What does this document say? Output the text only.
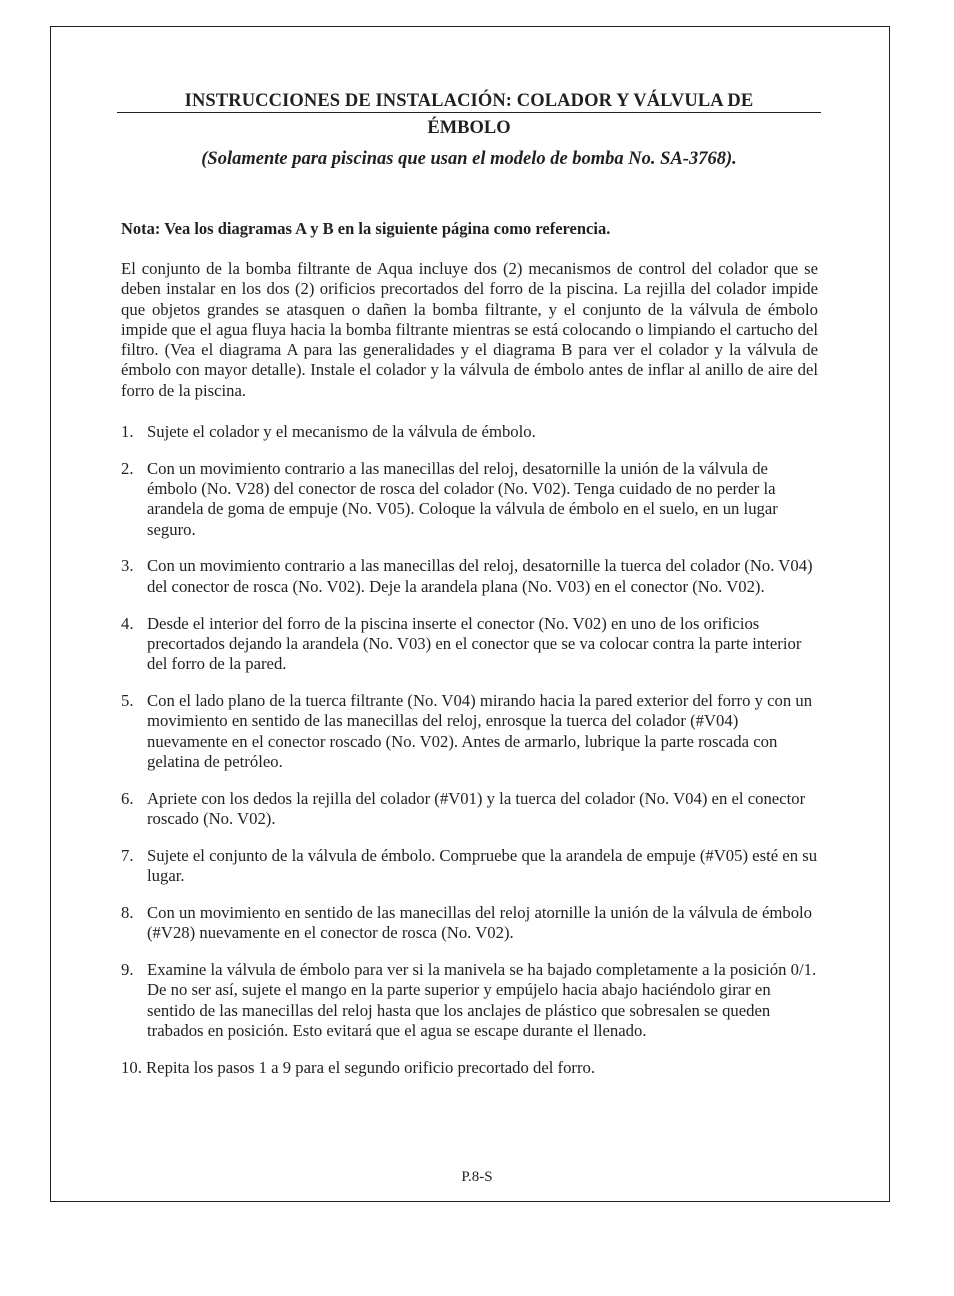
INSTRUCCIONES DE INSTALACIÓN: COLADOR Y VÁLVULA DE
ÉMBOLO
(Solamente para piscinas que usan el modelo de bomba No. SA-3768).
Nota: Vea los diagramas A y B en la siguiente página como referencia.
El conjunto de la bomba filtrante de Aqua incluye dos (2) mecanismos de control del colador que se deben instalar en los dos (2) orificios precortados del forro de la piscina. La rejilla del colador impide que objetos grandes se atasquen o dañen la bomba filtrante, y el conjunto de la válvula de émbolo impide que el agua fluya hacia la bomba filtrante mientras se está colocando o limpiando el cartucho del filtro. (Vea el diagrama A para las generalidades y el diagrama B para ver el colador y la válvula de émbolo con mayor detalle). Instale el colador y la válvula de émbolo antes de inflar al anillo de aire del forro de la piscina.
1. Sujete el colador y el mecanismo de la válvula de émbolo.
2. Con un movimiento contrario a las manecillas del reloj, desatornille la unión de la válvula de émbolo (No. V28) del conector de rosca del colador (No. V02). Tenga cuidado de no perder la arandela de goma de empuje (No. V05). Coloque la válvula de émbolo en el suelo, en un lugar seguro.
3. Con un movimiento contrario a las manecillas del reloj, desatornille la tuerca del colador (No. V04) del conector de rosca (No. V02). Deje la arandela plana (No. V03) en el conector (No. V02).
4. Desde el interior del forro de la piscina inserte el conector (No. V02) en uno de los orificios precortados dejando la arandela (No. V03) en el conector que se va colocar contra la parte interior del forro de la pared.
5. Con el lado plano de la tuerca filtrante (No. V04) mirando hacia la pared exterior del forro y con un movimiento en sentido de las manecillas del reloj, enrosque la tuerca del colador (#V04) nuevamente en el conector roscado (No. V02). Antes de armarlo, lubrique la parte roscada con gelatina de petróleo.
6. Apriete con los dedos la rejilla del colador (#V01) y la tuerca del colador (No. V04) en el conector roscado (No. V02).
7. Sujete el conjunto de la válvula de émbolo. Compruebe que la arandela de empuje (#V05) esté en su lugar.
8. Con un movimiento en sentido de las manecillas del reloj atornille la unión de la válvula de émbolo (#V28) nuevamente en el conector de rosca (No. V02).
9. Examine la válvula de émbolo para ver si la manivela se ha bajado completamente a la posición 0/1. De no ser así, sujete el mango en la parte superior y empújelo hacia abajo haciéndolo girar en sentido de las manecillas del reloj hasta que los anclajes de plástico que sobresalen se queden trabados en posición. Esto evitará que el agua se escape durante el llenado.
10. Repita los pasos 1 a 9 para el segundo orificio precortado del forro.
P.8-S
